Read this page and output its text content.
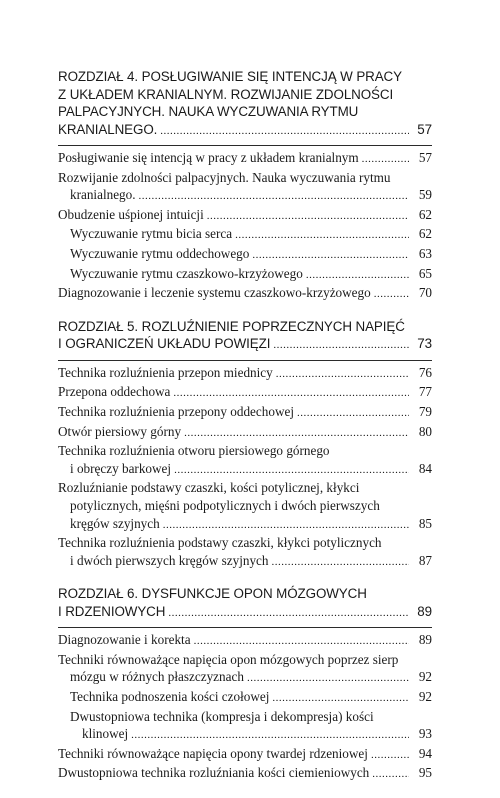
ROZDZIAŁ 4. POSŁUGIWANIE SIĘ INTENCJĄ W PRACY
Z UKŁADEM KRANIALNYM. ROZWIJANIE ZDOLNOŚCI
PALPACYJNYCH. NAUKA WYCZUWANIA RYTMU
KRANIALNEGO. .....	57
Posługiwanie się intencją w pracy z układem kranialnym .....	57
Rozwijanie zdolności palpacyjnych. Nauka wyczuwania rytmu
kranialnego. .....	59
Obudzenie uśpionej intuicji .....	62
Wyczuwanie rytmu bicia serca .....	62
Wyczuwanie rytmu oddechowego .....	63
Wyczuwanie rytmu czaszkowo-krzyżowego .....	65
Diagnozowanie i leczenie systemu czaszkowo-krzyżowego .....	70
ROZDZIAŁ 5. ROZLUŹNIENIE POPRZECZNYCH NAPIĘĆ
I OGRANICZEŃ UKŁADU POWIĘZI .....	73
Technika rozluźnienia przepon miednicy .....	76
Przepona oddechowa .....	77
Technika rozluźnienia przepony oddechowej .....	79
Otwór piersiowy górny .....	80
Technika rozluźnienia otworu piersiowego górnego
i obręczy barkowej .....	84
Rozluźnianie podstawy czaszki, kości potylicznej, kłykci
potylicznych, mięśni podpotylicznych i dwóch pierwszych
kręgów szyjnych .....	85
Technika rozluźnienia podstawy czaszki, kłykci potylicznych
i dwóch pierwszych kręgów szyjnych .....	87
ROZDZIAŁ 6. DYSFUNKCJE OPON MÓZGOWYCH
I RDZENIOWYCH .....	89
Diagnozowanie i korekta .....	89
Techniki równoważące napięcia opon mózgowych poprzez sierp
mózgu w różnych płaszczyznach .....	92
Technika podnoszenia kości czołowej .....	92
Dwustopniowa technika (kompresja i dekompresja) kości
klinowej .....	93
Techniki równoważące napięcia opony twardej rdzeniowej .....	94
Dwustopniowa technika rozluźniania kości ciemieniowych .....	95
